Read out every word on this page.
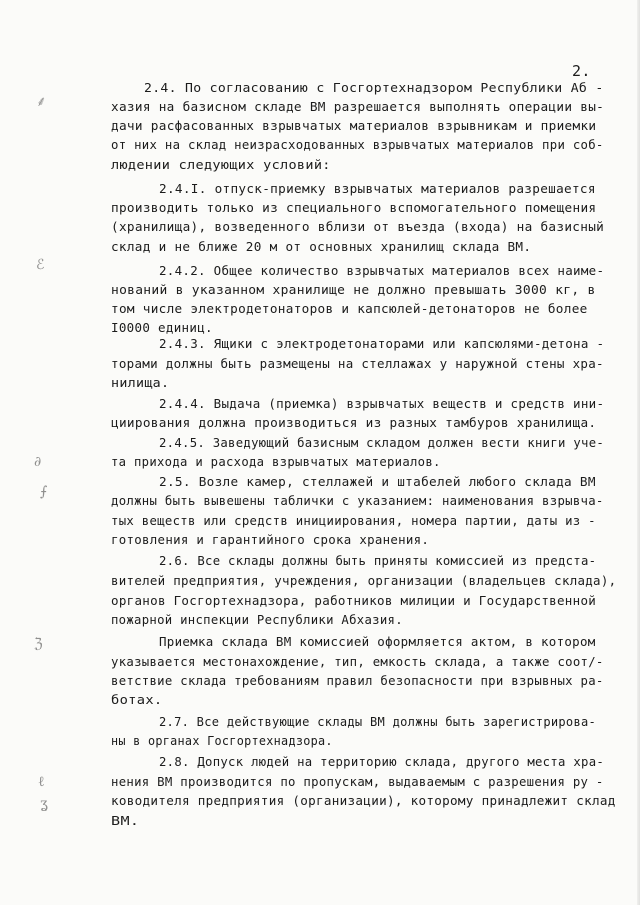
2.
2.4. По согласованию с Госгортехнадзором Республики Аб -
хазия на базисном складе ВМ разрешается выполнять операции вы-
дачи расфасованных взрывчатых материалов взрывникам и приемки
от них на склад неизрасходованных взрывчатых материалов при соб-
людении следующих условий:
2.4.I. отпуск-приемку взрывчатых материалов разрешается
производить только из специального вспомогательного помещения
(хранилища), возведенного вблизи от въезда (входа) на базисный
склад и не ближе 20 м от основных хранилищ склада ВМ.
2.4.2. Общее количество взрывчатых материалов всех наиме-
нований в указанном хранилище не должно превышать 3000 кг, в
том числе электродетонаторов и капсюлей-детонаторов не более
I0000 единиц.
2.4.3. Ящики с электродетонаторами или капсюлями-детона -
торами должны быть размещены на стеллажах у наружной стены хра-
нилища.
2.4.4. Выдача (приемка) взрывчатых веществ и средств ини-
циирования должна производиться из разных тамбуров хранилища.
2.4.5. Заведующий базисным складом должен вести книги уче-
та прихода и расхода взрывчатых материалов.
2.5. Возле камер, стеллажей и штабелей любого склада ВМ
должны быть вывешены таблички с указанием: наименования взрывча-
тых веществ или средств инициирования, номера партии, даты из -
готовления и гарантийного срока хранения.
2.6. Все склады должны быть приняты комиссией из предста-
вителей предприятия, учреждения, организации (владельцев склада),
органов Госгортехнадзора, работников милиции и Государственной
пожарной инспекции Республики Абхазия.
Приемка склада ВМ комиссией оформляется актом, в котором
указывается местонахождение, тип, емкость склада, а также соот/-
ветствие склада требованиям правил безопасности при взрывных ра-
ботах.
2.7. Все действующие склады ВМ должны быть зарегистрирова-
ны в органах Госгортехнадзора.
2.8. Допуск людей на территорию склада, другого места хра-
нения ВМ производится по пропускам, выдаваемым с разрешения ру -
ководителя предприятия (организации), которому принадлежит склад
ВМ.
⸙
ℰ
∂
⨍
ℨ
ℓ
ʓ
